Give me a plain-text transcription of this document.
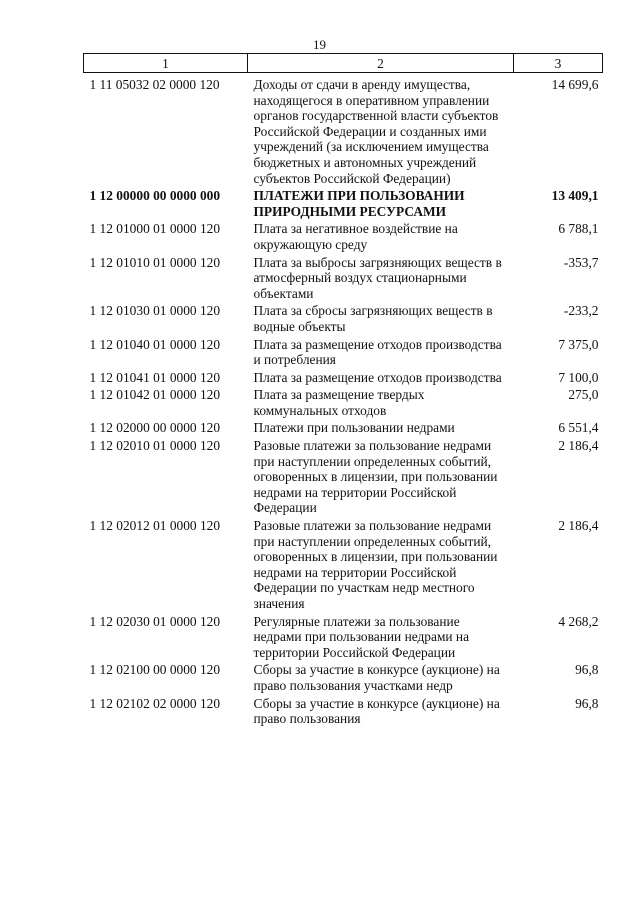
19
1	2	3
1 11 05032 02 0000 120	Доходы от сдачи в аренду имущества, находящегося в оперативном управлении органов государственной власти субъектов Российской Федерации и созданных ими учреждений (за исключением имущества бюджетных и автономных учреждений субъектов Российской Федерации)	14 699,6
1 12 00000 00 0000 000	ПЛАТЕЖИ ПРИ ПОЛЬЗОВАНИИ ПРИРОДНЫМИ РЕСУРСАМИ	13 409,1
1 12 01000 01 0000 120	Плата за негативное воздействие на окружающую среду	6 788,1
1 12 01010 01 0000 120	Плата за выбросы загрязняющих веществ в атмосферный воздух стационарными объектами	-353,7
1 12 01030 01 0000 120	Плата за сбросы загрязняющих веществ в водные объекты	-233,2
1 12 01040 01 0000 120	Плата за размещение отходов производства и потребления	7 375,0
1 12 01041 01 0000 120	Плата за размещение отходов производства	7 100,0
1 12 01042 01 0000 120	Плата за размещение твердых коммунальных отходов	275,0
1 12 02000 00 0000 120	Платежи при пользовании недрами	6 551,4
1 12 02010 01 0000 120	Разовые платежи за пользование недрами при наступлении определенных событий, оговоренных в лицензии, при пользовании недрами на территории Российской Федерации	2 186,4
1 12 02012 01 0000 120	Разовые платежи за пользование недрами при наступлении определенных событий, оговоренных в лицензии, при пользовании недрами на территории Российской Федерации по участкам недр местного значения	2 186,4
1 12 02030 01 0000 120	Регулярные платежи за пользование недрами при пользовании недрами на территории Российской Федерации	4 268,2
1 12 02100 00 0000 120	Сборы за участие в конкурсе (аукционе) на право пользования участками недр	96,8
1 12 02102 02 0000 120	Сборы за участие в конкурсе (аукционе) на право пользования	96,8
